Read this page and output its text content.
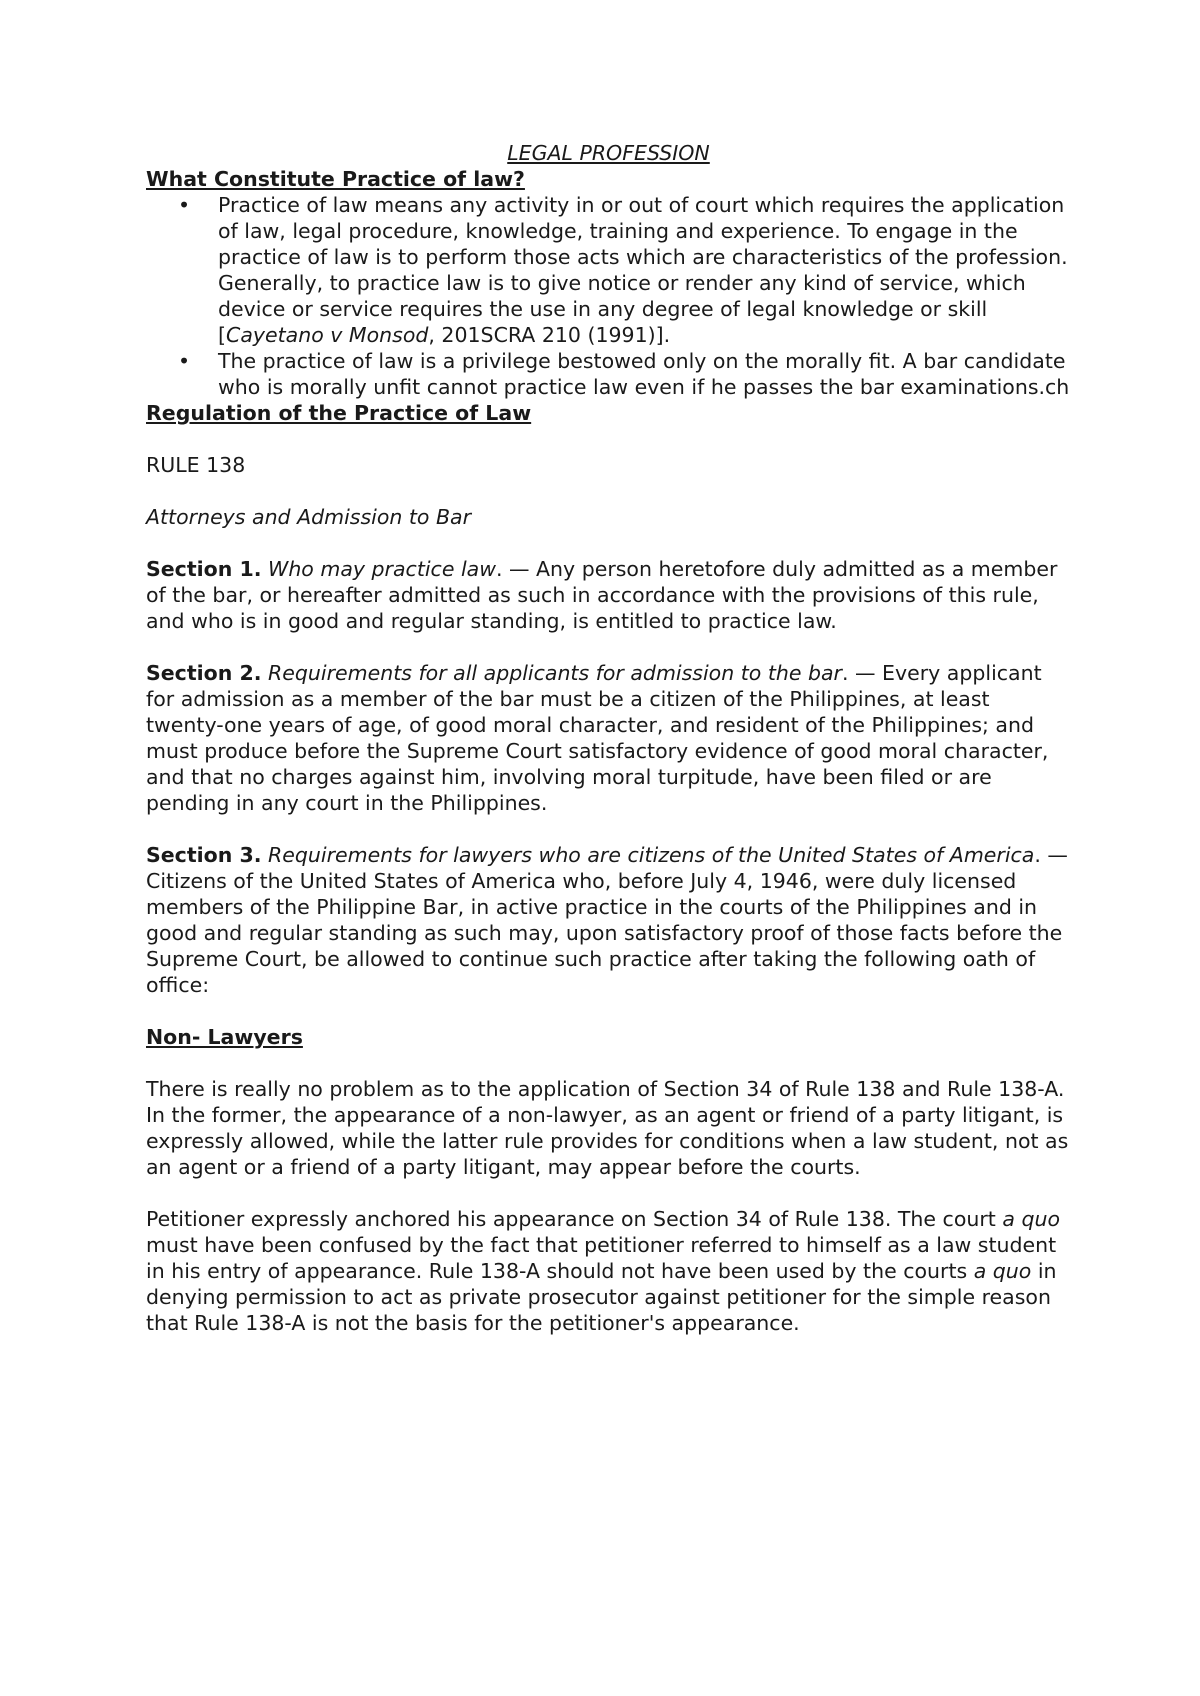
LEGAL PROFESSION
What Constitute Practice of law?
• Practice of law means any activity in or out of court which requires the application of law, legal procedure, knowledge, training and experience. To engage in the practice of law is to perform those acts which are characteristics of the profession. Generally, to practice law is to give notice or render any kind of service, which device or service requires the use in any degree of legal knowledge or skill [Cayetano v Monsod, 201SCRA 210 (1991)].
• The practice of law is a privilege bestowed only on the morally fit. A bar candidate who is morally unfit cannot practice law even if he passes the bar examinations.ch
Regulation of the Practice of Law

RULE 138

Attorneys and Admission to Bar

Section 1. Who may practice law. — Any person heretofore duly admitted as a member of the bar, or hereafter admitted as such in accordance with the provisions of this rule, and who is in good and regular standing, is entitled to practice law.

Section 2. Requirements for all applicants for admission to the bar. — Every applicant for admission as a member of the bar must be a citizen of the Philippines, at least twenty-one years of age, of good moral character, and resident of the Philippines; and must produce before the Supreme Court satisfactory evidence of good moral character, and that no charges against him, involving moral turpitude, have been filed or are pending in any court in the Philippines.

Section 3. Requirements for lawyers who are citizens of the United States of America. — Citizens of the United States of America who, before July 4, 1946, were duly licensed members of the Philippine Bar, in active practice in the courts of the Philippines and in good and regular standing as such may, upon satisfactory proof of those facts before the Supreme Court, be allowed to continue such practice after taking the following oath of office:

Non- Lawyers

There is really no problem as to the application of Section 34 of Rule 138 and Rule 138-A. In the former, the appearance of a non-lawyer, as an agent or friend of a party litigant, is expressly allowed, while the latter rule provides for conditions when a law student, not as an agent or a friend of a party litigant, may appear before the courts.

Petitioner expressly anchored his appearance on Section 34 of Rule 138. The court a quo must have been confused by the fact that petitioner referred to himself as a law student in his entry of appearance. Rule 138-A should not have been used by the courts a quo in denying permission to act as private prosecutor against petitioner for the simple reason that Rule 138-A is not the basis for the petitioner's appearance.
